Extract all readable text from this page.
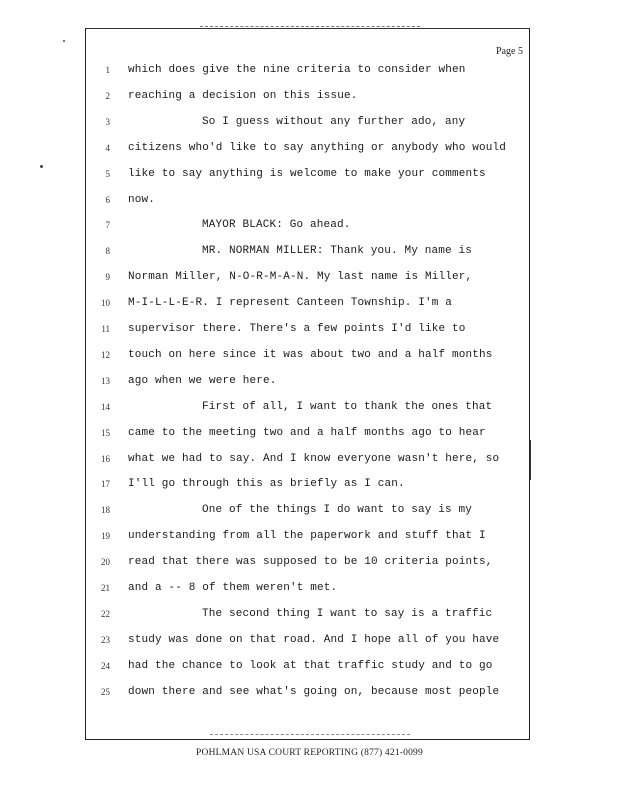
Page 5
1 which does give the nine criteria to consider when
2 reaching a decision on this issue.
3	So I guess without any further ado, any
4 citizens who'd like to say anything or anybody who would
5 like to say anything is welcome to make your comments
6 now.
7	MAYOR BLACK: Go ahead.
8	MR. NORMAN MILLER: Thank you. My name is
9 Norman Miller, N-O-R-M-A-N. My last name is Miller,
10 M-I-L-L-E-R. I represent Canteen Township. I'm a
11 supervisor there. There's a few points I'd like to
12 touch on here since it was about two and a half months
13 ago when we were here.
14	First of all, I want to thank the ones that
15 came to the meeting two and a half months ago to hear
16 what we had to say. And I know everyone wasn't here, so
17 I'll go through this as briefly as I can.
18	One of the things I do want to say is my
19 understanding from all the paperwork and stuff that I
20 read that there was supposed to be 10 criteria points,
21 and a -- 8 of them weren't met.
22	The second thing I want to say is a traffic
23 study was done on that road. And I hope all of you have
24 had the chance to look at that traffic study and to go
25 down there and see what's going on, because most people
POHLMAN USA COURT REPORTING (877) 421-0099
